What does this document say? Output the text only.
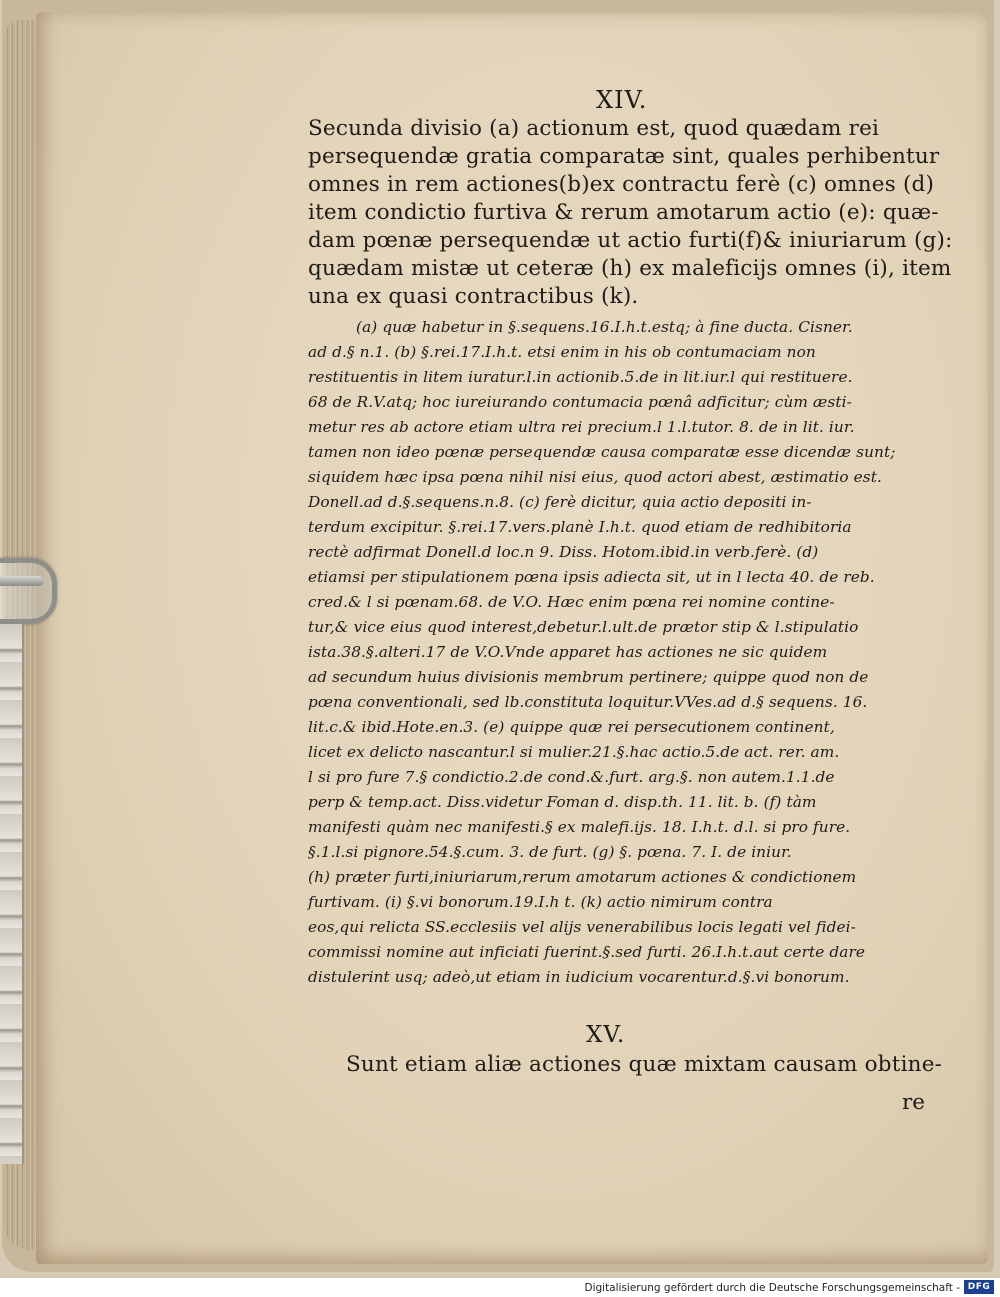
XIV.
Secunda divisio (a) actionum est, quod quædam rei
persequendæ gratia comparatæ sint, quales perhibentur
omnes in rem actiones(b)ex contractu ferè (c) omnes (d)
item condictio furtiva & rerum amotarum actio (e): quæ-
dam pœnæ persequendæ ut actio furti(f)& iniuriarum (g):
quædam mistæ ut ceteræ (h) ex maleficijs omnes (i), item
una ex quasi contractibus (k).
(a) quæ habetur in §.sequens.16.I.h.t.estq; à fine ducta. Cisner.
ad d.§ n.1. (b) §.rei.17.I.h.t. etsi enim in his ob contumaciam non
restituentis in litem iuratur.l.in actionib.5.de in lit.iur.l qui restituere.
68 de R.V.atq; hoc iureiurando contumacia pœnâ adficitur; cùm æsti-
metur res ab actore etiam ultra rei precium.l 1.l.tutor. 8. de in lit. iur.
tamen non ideo pœnæ persequendæ causa comparatæ esse dicendæ sunt;
siquidem hæc ipsa pœna nihil nisi eius, quod actori abest, æstimatio est.
Donell.ad d.§.sequens.n.8. (c) ferè dicitur, quia actio depositi in-
terdum excipitur. §.rei.17.vers.planè I.h.t. quod etiam de redhibitoria
rectè adfirmat Donell.d loc.n 9. Diss. Hotom.ibid.in verb.ferè. (d)
etiamsi per stipulationem pœna ipsis adiecta sit, ut in l lecta 40. de reb.
cred.& l si pœnam.68. de V.O. Hæc enim pœna rei nomine contine-
tur,& vice eius quod interest,debetur.l.ult.de prætor stip & l.stipulatio
ista.38.§.alteri.17 de V.O.Vnde apparet has actiones ne sic quidem
ad secundum huius divisionis membrum pertinere; quippe quod non de
pœna conventionali, sed lb.constituta loquitur.VVes.ad d.§ sequens. 16.
lit.c.& ibid.Hote.en.3. (e) quippe quæ rei persecutionem continent,
licet ex delicto nascantur.l si mulier.21.§.hac actio.5.de act. rer. am.
l si pro fure 7.§ condictio.2.de cond.&.furt. arg.§. non autem.1.1.de
perp & temp.act. Diss.videtur Foman d. disp.th. 11. lit. b. (f) tàm
manifesti quàm nec manifesti.§ ex malefi.ijs. 18. I.h.t. d.l. si pro fure.
§.1.l.si pignore.54.§.cum. 3. de furt. (g) §. pœna. 7. I. de iniur.
(h) præter furti,iniuriarum,rerum amotarum actiones & condictionem
furtivam. (i) §.vi bonorum.19.I.h t. (k) actio nimirum contra
eos,qui relicta SS.ecclesiis vel alijs venerabilibus locis legati vel fidei-
commissi nomine aut inficiati fuerint.§.sed furti. 26.I.h.t.aut certe dare
distulerint usq; adeò,ut etiam in iudicium vocarentur.d.§.vi bonorum.
XV.
Sunt etiam aliæ actiones quæ mixtam causam obtine-
re
Digitalisierung gefördert durch die Deutsche Forschungsgemeinschaft - DFG
